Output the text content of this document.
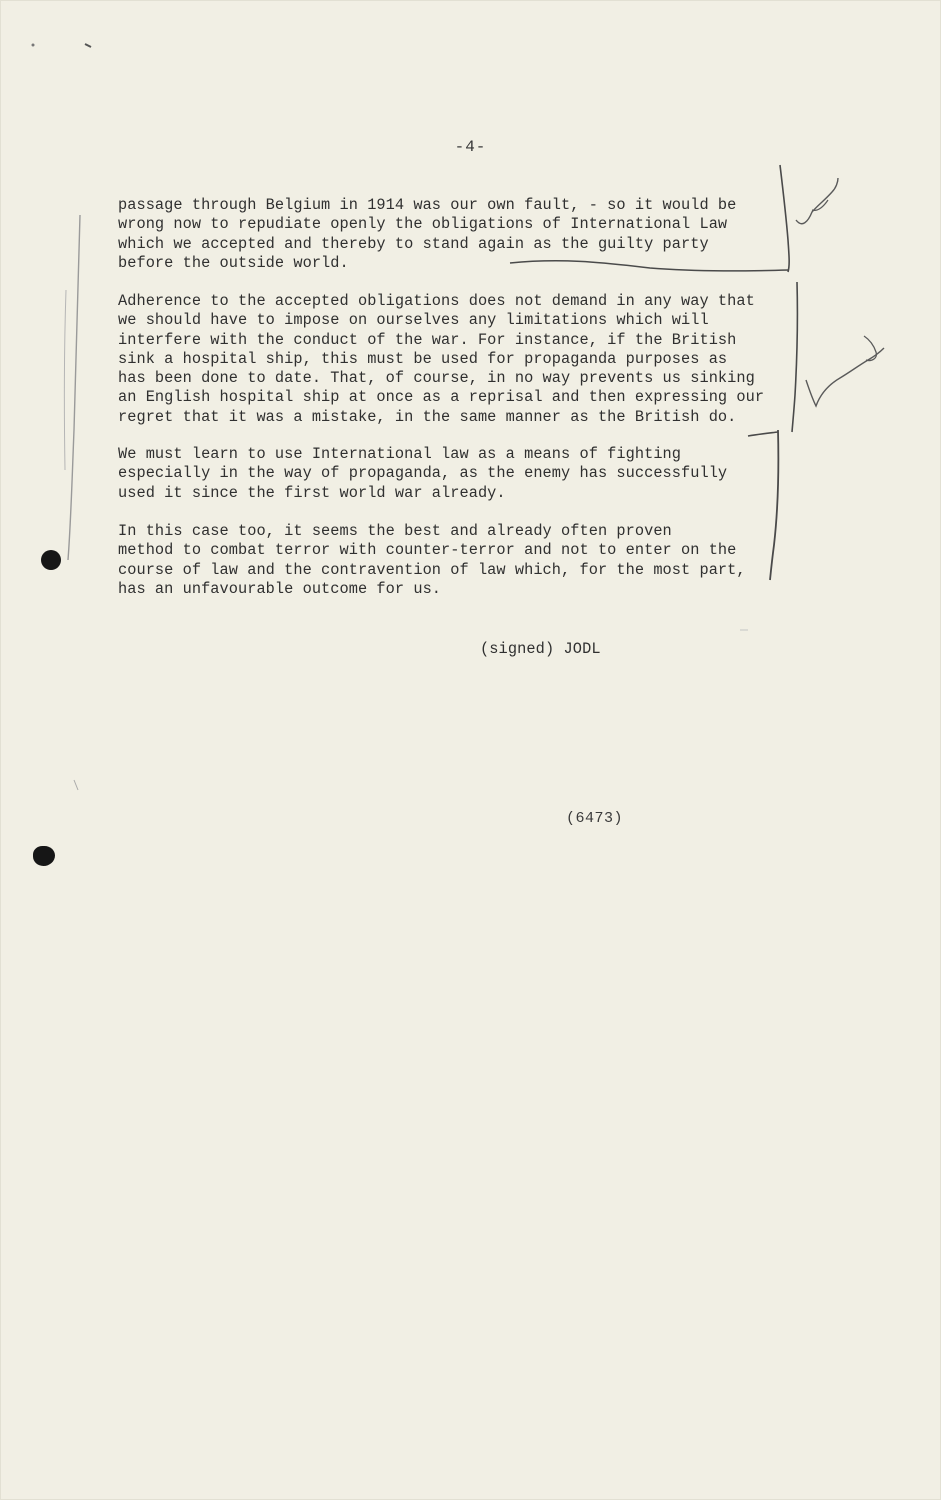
-4-

passage through Belgium in 1914 was our own fault, - so it would be
wrong now to repudiate openly the obligations of International Law
which we accepted and thereby to stand again as the guilty party
before the outside world.

Adherence to the accepted obligations does not demand in any way that
we should have to impose on ourselves any limitations which will
interfere with the conduct of the war. For instance, if the British
sink a hospital ship, this must be used for propaganda purposes as
has been done to date. That, of course, in no way prevents us sinking
an English hospital ship at once as a reprisal and then expressing our
regret that it was a mistake, in the same manner as the British do.

We must learn to use International law as a means of fighting
especially in the way of propaganda, as the enemy has successfully
used it since the first world war already.

In this case too, it seems the best and already often proven
method to combat terror with counter-terror and not to enter on the
course of law and the contravention of law which, for the most part,
has an unfavourable outcome for us.

(signed) JODL
(6473)
